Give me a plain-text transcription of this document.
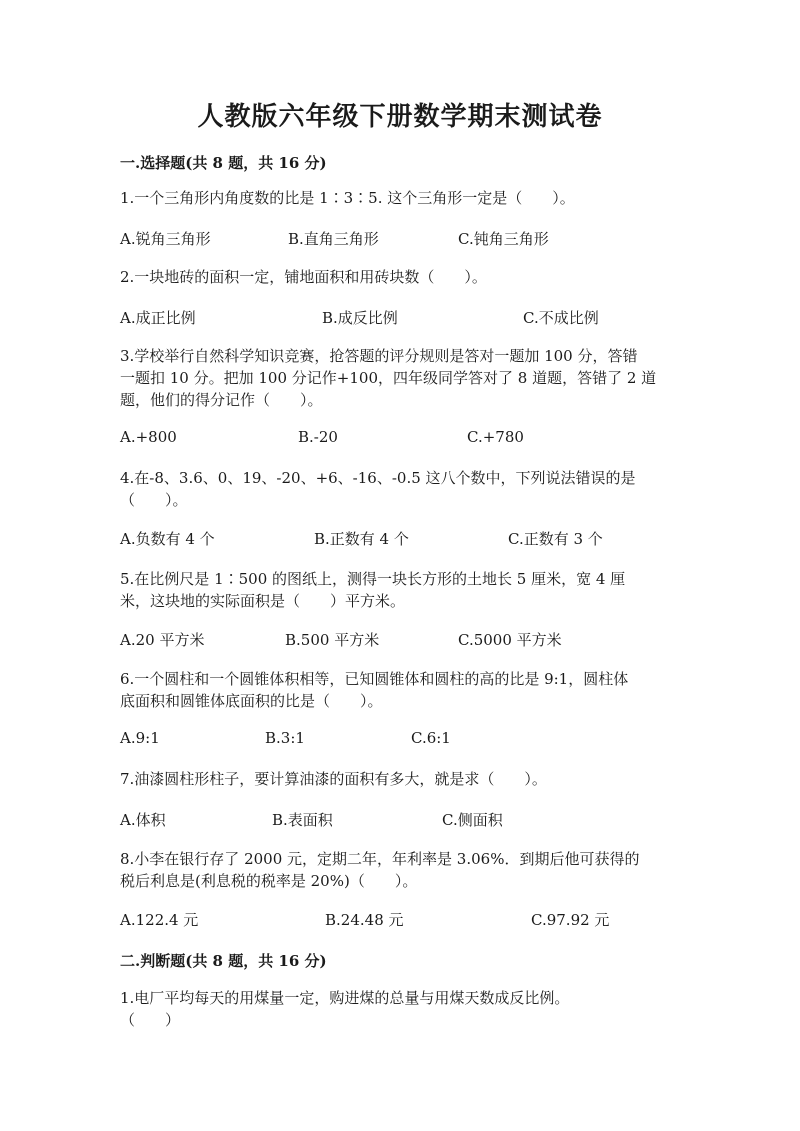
人教版六年级下册数学期末测试卷
一.选择题(共 8 题，共 16 分)
1.一个三角形内角度数的比是 1∶3∶5. 这个三角形一定是（　　）。
A.锐角三角形	B.直角三角形	C.钝角三角形
2.一块地砖的面积一定，铺地面积和用砖块数（　　）。
A.成正比例	B.成反比例	C.不成比例
3.学校举行自然科学知识竞赛，抢答题的评分规则是答对一题加 100 分，答错
一题扣 10 分。把加 100 分记作+100，四年级同学答对了 8 道题，答错了 2 道
题，他们的得分记作（　　）。
A.+800	B.-20	C.+780
4.在-8、3.6、0、19、-20、+6、-16、-0.5 这八个数中，下列说法错误的是
（　　）。
A.负数有 4 个	B.正数有 4 个	C.正数有 3 个
5.在比例尺是 1∶500 的图纸上，测得一块长方形的土地长 5 厘米，宽 4 厘
米，这块地的实际面积是（　　）平方米。
A.20 平方米	B.500 平方米	C.5000 平方米
6.一个圆柱和一个圆锥体积相等，已知圆锥体和圆柱的高的比是 9:1，圆柱体
底面积和圆锥体底面积的比是（　　）。
A.9:1	B.3:1	C.6:1
7.油漆圆柱形柱子，要计算油漆的面积有多大，就是求（　　）。
A.体积	B.表面积	C.侧面积
8.小李在银行存了 2000 元，定期二年，年利率是 3.06%．到期后他可获得的
税后利息是(利息税的税率是 20%)（　　）。
A.122.4 元	B.24.48 元	C.97.92 元
二.判断题(共 8 题，共 16 分)
1.电厂平均每天的用煤量一定，购进煤的总量与用煤天数成反比例。
（　　）
